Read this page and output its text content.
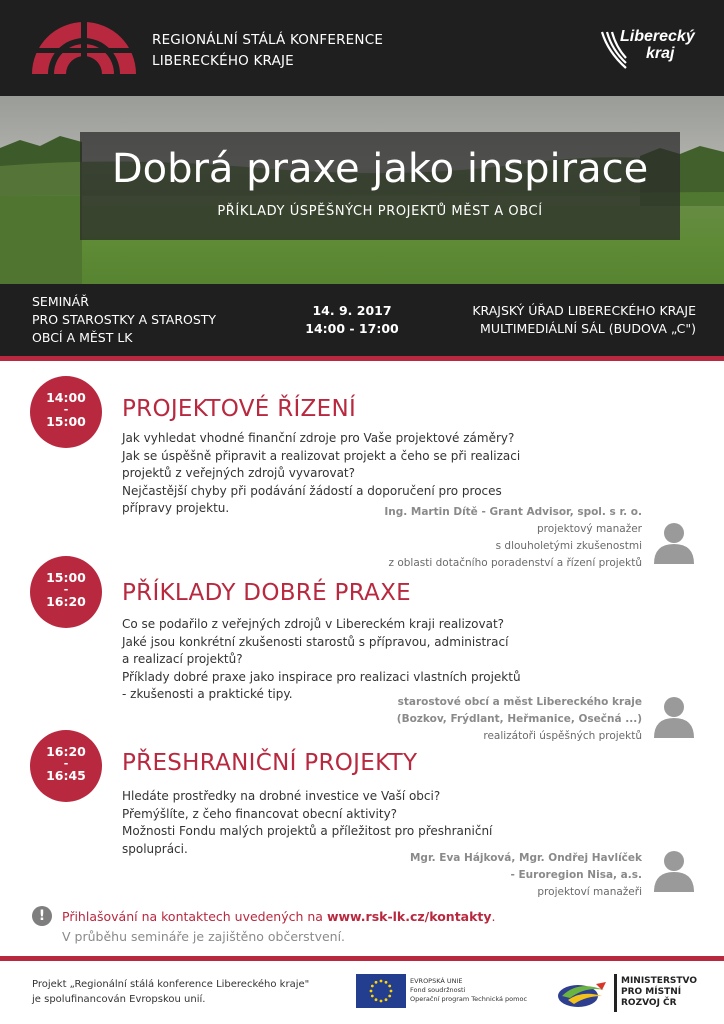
REGIONÁLNÍ STÁLÁ KONFERENCE
LIBERECKÉHO KRAJE
Liberecký
kraj
Dobrá praxe jako inspirace
PŘÍKLADY ÚSPĚŠNÝCH PROJEKTŮ MĚST A OBCÍ
SEMINÁŘ
PRO STAROSTKY A STAROSTY
OBCÍ A MĚST LK
14. 9. 2017
14:00 - 17:00
KRAJSKÝ ÚŘAD LIBERECKÉHO KRAJE
MULTIMEDIÁLNÍ SÁL (BUDOVA „C")
14:00
-
15:00	PROJEKTOVÉ ŘÍZENÍ

Jak vyhledat vhodné finanční zdroje pro Vaše projektové záměry?

Jak se úspěšně připravit a realizovat projekt a čeho se při realizaci

projektů z veřejných zdrojů vyvarovat?

Nejčastější chyby při podávání žádostí a doporučení pro proces

přípravy projektu.	Ing. Martin Dítě - Grant Advisor, spol. s r. o.
projektový manažer
s dlouholetými zkušenostmi
z oblasti dotačního poradenství a řízení projektů
15:00
-
16:20	PŘÍKLADY DOBRÉ PRAXE

Co se podařilo z veřejných zdrojů v Libereckém kraji realizovat?

Jaké jsou konkrétní zkušenosti starostů s přípravou, administrací

a realizací projektů?

Příklady dobré praxe jako inspirace pro realizaci vlastních projektů

- zkušenosti a praktické tipy.

starostové obcí a měst Libereckého kraje
(Bozkov, Frýdlant, Heřmanice, Osečná ...)
realizátoři úspěšných projektů
16:20
-
16:45	PŘESHRANIČNÍ PROJEKTY

Hledáte prostředky na drobné investice ve Vaší obci?

Přemýšlíte, z čeho financovat obecní aktivity?

Možnosti Fondu malých projektů a příležitost pro přeshraniční

spolupráci.

Mgr. Eva Hájková, Mgr. Ondřej Havlíček
- Euroregion Nisa, a.s.
projektoví manažeři
!	Přihlašování na kontaktech uvedených na www.rsk-lk.cz/kontakty.
V průběhu semináře je zajištěno občerstvení.
Projekt „Regionální stálá konference Libereckého kraje"
je spolufinancován Evropskou unií.
EVROPSKÁ UNIE
Fond soudržnosti
Operační program Technická pomoc
MINISTERSTVO
PRO MÍSTNÍ
ROZVOJ ČR
